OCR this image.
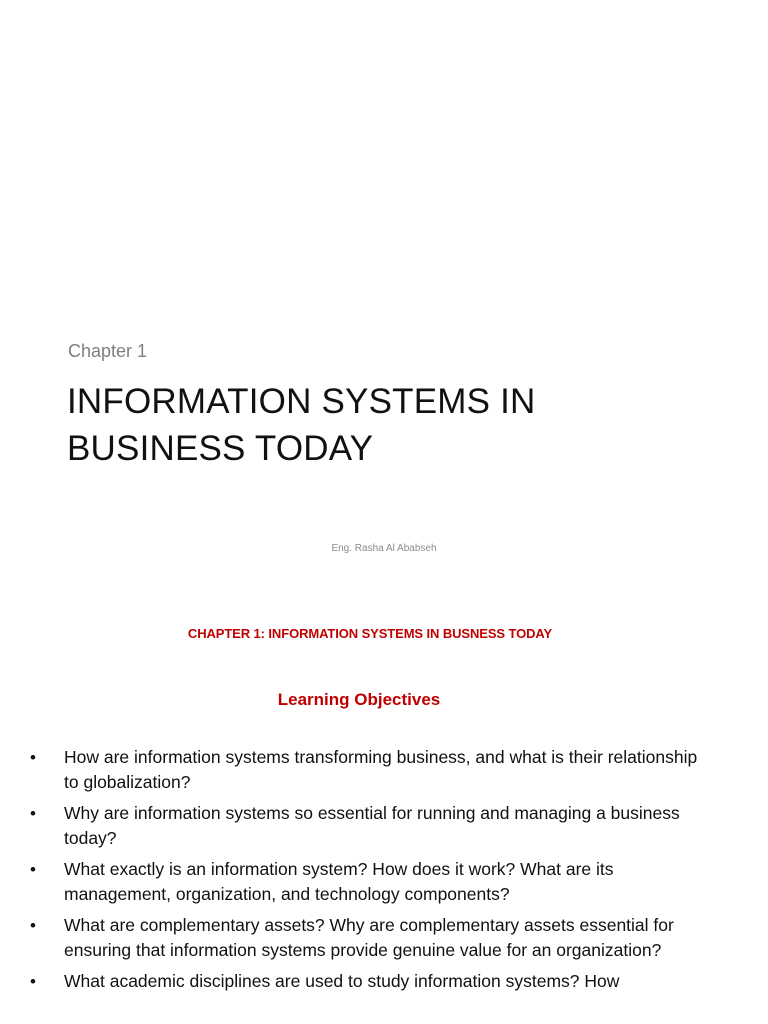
Chapter 1
INFORMATION SYSTEMS IN
BUSINESS TODAY
Eng. Rasha Al Ababseh
CHAPTER 1: INFORMATION SYSTEMS IN BUSNESS TODAY
Learning Objectives
•	How are information systems transforming business, and what is their relationship to globalization?
•	Why are information systems so essential for running and managing a business today?
•	What exactly is an information system? How does it work? What are its management, organization, and technology components?
•	What are complementary assets? Why are complementary assets essential for ensuring that information systems provide genuine value for an organization?
•	What academic disciplines are used to study information systems? How
